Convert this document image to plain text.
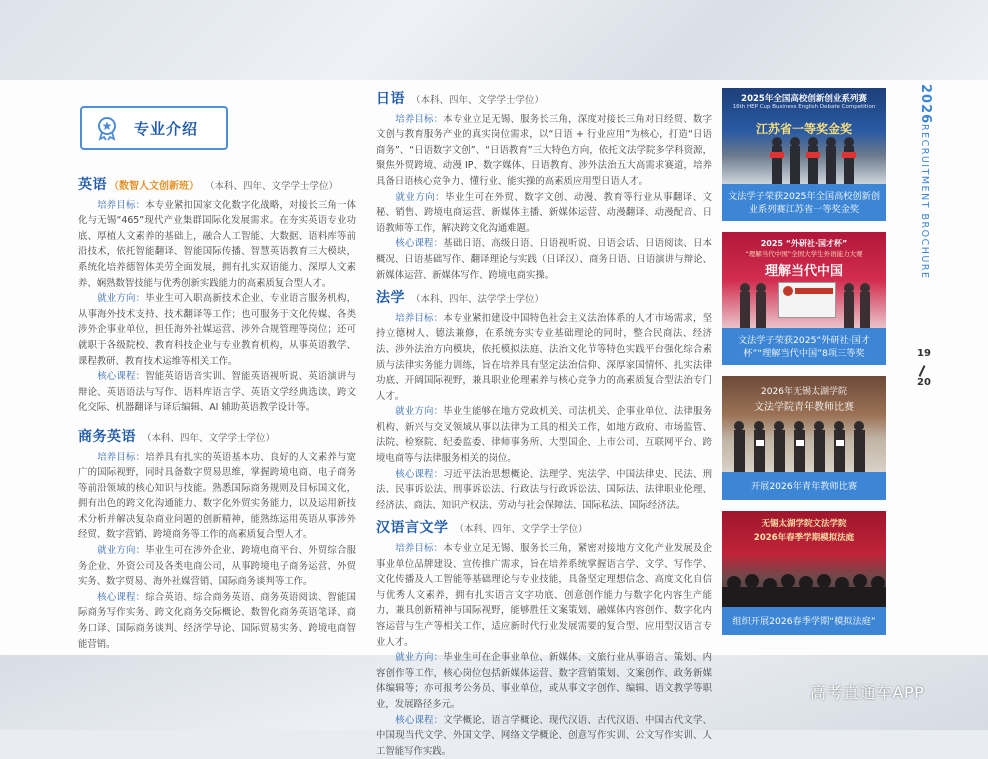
专业介绍
英语 （数智人文创新班） （本科、四年、文学学士学位）

培养目标：本专业紧扣国家文化数字化战略，对接长三角一体化与无锡“465”现代产业集群国际化发展需求。在夯实英语专业功底、厚植人文素养的基础上，融合人工智能、大数据、语料库等前沿技术，依托智能翻译、智能国际传播、智慧英语教育三大模块，系统化培养德智体美劳全面发展，拥有扎实双语能力、深厚人文素养、娴熟数智技能与优秀创新实践能力的高素质复合型人才。

就业方向：毕业生可入职高新技术企业、专业语言服务机构，从事海外技术支持、技术翻译等工作；也可服务于文化传媒、各类涉外企事业单位，担任海外社媒运营、涉外合规管理等岗位；还可就职于各级院校、教育科技企业与专业教育机构，从事英语教学、课程教研、教育技术运维等相关工作。

核心课程：智能英语语音实训、智能英语视听说、英语演讲与辩论、英语语法与写作、语料库语言学、英语文学经典选读、跨文化交际、机器翻译与译后编辑、AI 辅助英语教学设计等。

商务英语 （本科、四年、文学学士学位）

培养目标：培养具有扎实的英语基本功、良好的人文素养与宽广的国际视野，同时具备数字贸易思维，掌握跨境电商、电子商务等前沿领域的核心知识与技能。熟悉国际商务规则及目标国文化，拥有出色的跨文化沟通能力、数字化外贸实务能力，以及运用新技术分析并解决复杂商业问题的创新精神，能熟练运用英语从事涉外经贸、数字营销、跨境商务等工作的高素质复合型人才。

就业方向：毕业生可在涉外企业、跨境电商平台、外贸综合服务企业、外资公司及各类电商公司，从事跨境电子商务运营、外贸实务、数字贸易、海外社媒营销、国际商务谈判等工作。

核心课程：综合英语、综合商务英语、商务英语阅读、智能国际商务写作实务、跨文化商务交际概论、数智化商务英语笔译、商务口译、国际商务谈判、经济学导论、国际贸易实务、跨境电商智能营销。

日语 （本科、四年、文学学士学位）

培养目标：本专业立足无锡、服务长三角，深度对接长三角对日经贸、数字文创与教育服务产业的真实岗位需求，以“日语 + 行业应用”为核心，打造“日语商务”、“日语数字文创”、“日语教育”三大特色方向，依托文法学院多学科资源，聚焦外贸跨境、动漫 IP、数字媒体、日语教育、涉外法治五大高需求赛道，培养具备日语核心竞争力、懂行业、能实操的高素质应用型日语人才。

就业方向：毕业生可在外贸、数字文创、动漫、教育等行业从事翻译、文秘、销售、跨境电商运营、新媒体主播、新媒体运营、动漫翻译、动漫配音、日语教师等工作，解决跨文化沟通难题。

核心课程：基础日语、高级日语、日语视听说、日语会话、日语阅读、日本概况、日语基础写作、翻译理论与实践（日译汉）、商务日语、日语演讲与辩论、新媒体运营、新媒体写作、跨境电商实操。

法学 （本科、四年、法学学士学位）

培养目标：本专业紧扣建设中国特色社会主义法治体系的人才市场需求，坚持立德树人、德法兼修，在系统夯实专业基础理论的同时，整合民商法、经济法、涉外法治方向模块，依托模拟法庭、法治文化节等特色实践平台强化综合素质与法律实务能力训练，旨在培养具有坚定法治信仰、深厚家国情怀、扎实法律功底、开阔国际视野，兼具职业伦理素养与核心竞争力的高素质复合型法治专门人才。

就业方向：毕业生能够在地方党政机关、司法机关、企事业单位、法律服务机构、新兴与交叉领域从事以法律为工具的相关工作，如地方政府、市场监管、法院、检察院、纪委监委、律师事务所、大型国企、上市公司、互联网平台、跨境电商等与法律服务相关的岗位。

核心课程：习近平法治思想概论、法理学、宪法学、中国法律史、民法、刑法、民事诉讼法、刑事诉讼法、行政法与行政诉讼法、国际法、法律职业伦理、经济法、商法、知识产权法、劳动与社会保障法、国际私法、国际经济法。

汉语言文学 （本科、四年、文学学士学位）

培养目标：本专业立足无锡、服务长三角，紧密对接地方文化产业发展及企事业单位品牌建设、宣传推广需求，旨在培养系统掌握语言学、文学、写作学、文化传播及人工智能等基础理论与专业技能，具备坚定理想信念、高度文化自信与优秀人文素养，拥有扎实语言文字功底、创意创作能力与数字化内容生产能力，兼具创新精神与国际视野，能够胜任文案策划、融媒体内容创作、数字化内容运营与生产等相关工作，适应新时代行业发展需要的复合型、应用型汉语言专业人才。

就业方向：毕业生可在企事业单位、新媒体、文旅行业从事语言、策划、内容创作等工作，核心岗位包括新媒体运营、数字营销策划、文案创作、政务新媒体编辑等；亦可报考公务员、事业单位，或从事文字创作、编辑、语文教学等职业，发展路径多元。

核心课程：文学概论、语言学概论、现代汉语、古代汉语、中国古代文学、中国现当代文学、外国文学、网络文学概论、创意写作实训、公文写作实训、人工智能写作实践。

2025年全国高校创新创业系列赛
16th HEP Cup Business English Debate Competition
江苏省一等奖金奖
文法学子荣获2025年全国高校创新创业系列赛江苏省一等奖金奖
2025 “外研社·国才杯”
“理解当代中国”全国大学生外语能力大赛
理解当代中国
文法学子荣获2025“外研社·国才杯”“理解当代中国”8项三等奖
2026年无锡太湖学院
文法学院青年教师比赛
开展2026年青年教师比赛
无锡太湖学院文法学院
2026年春季学期模拟法庭
组织开展2026春季学期“模拟法庭”
2026
RECRUITMENT BROCHURE
19
20
高考直通车APP
